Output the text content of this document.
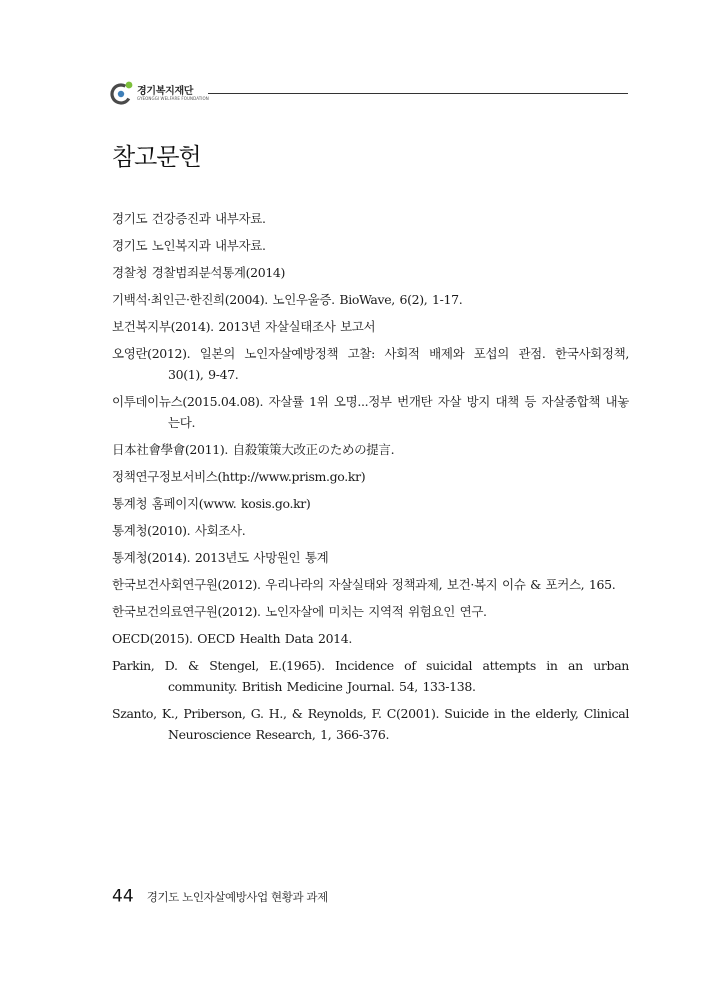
경기복지재단
GYEONGGI WELFARE FOUNDATION
참고문헌
경기도 건강증진과 내부자료.
경기도 노인복지과 내부자료.
경찰청 경찰범죄분석통계(2014)
기백석·최인근·한진희(2004). 노인우울증. BioWave, 6(2), 1-17.
보건복지부(2014). 2013년 자살실태조사 보고서
오영란(2012). 일본의 노인자살예방정책 고찰: 사회적 배제와 포섭의 관점. 한국사회정책, 30(1), 9-47.
이투데이뉴스(2015.04.08). 자살률 1위 오명...정부 번개탄 자살 방지 대책 등 자살종합책 내놓는다.
日本社會學會(2011). 自殺策策大改正のための提言.
정책연구정보서비스(http://www.prism.go.kr)
통계청 홈페이지(www. kosis.go.kr)
통계청(2010). 사회조사.
통계청(2014). 2013년도 사망원인 통계
한국보건사회연구원(2012). 우리나라의 자살실태와 정책과제, 보건·복지 이슈 & 포커스, 165.
한국보건의료연구원(2012). 노인자살에 미치는 지역적 위험요인 연구.
OECD(2015). OECD Health Data 2014.
Parkin, D. & Stengel, E.(1965). Incidence of suicidal attempts in an urban community. British Medicine Journal. 54, 133-138.
Szanto, K., Priberson, G. H., & Reynolds, F. C(2001). Suicide in the elderly, Clinical Neuroscience Research, 1, 366-376.
44 경기도 노인자살예방사업 현황과 과제
